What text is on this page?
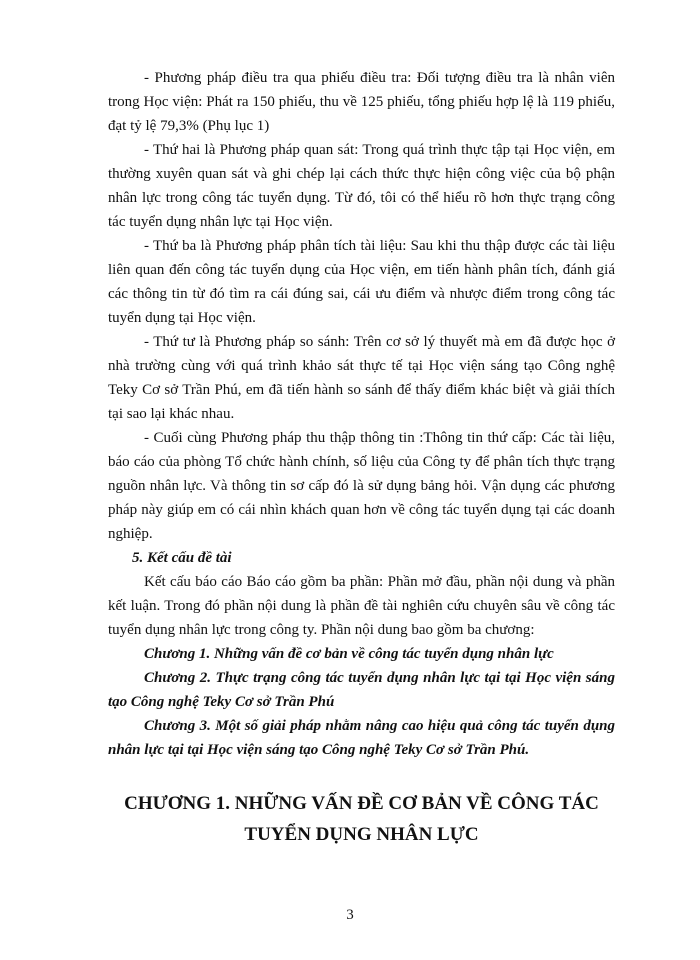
- Phương pháp điều tra qua phiếu điều tra: Đối tượng điều tra là nhân viên trong Học viện: Phát ra 150 phiếu, thu về 125 phiếu, tổng phiếu hợp lệ là 119 phiếu, đạt tỷ lệ 79,3% (Phụ lục 1)

- Thứ hai là Phương pháp quan sát: Trong quá trình thực tập tại Học viện, em thường xuyên quan sát và ghi chép lại cách thức thực hiện công việc của bộ phận nhân lực trong công tác tuyển dụng. Từ đó, tôi có thể hiểu rõ hơn thực trạng công tác tuyển dụng nhân lực tại Học viện.

- Thứ ba là Phương pháp phân tích tài liệu: Sau khi thu thập được các tài liệu liên quan đến công tác tuyển dụng của Học viện, em tiến hành phân tích, đánh giá các thông tin từ đó tìm ra cái đúng sai, cái ưu điểm và nhược điểm trong công tác tuyển dụng tại Học viện.

- Thứ tư là Phương pháp so sánh: Trên cơ sở lý thuyết mà em đã được học ở nhà trường cùng với quá trình khảo sát thực tế tại Học viện sáng tạo Công nghệ Teky Cơ sở Trần Phú, em đã tiến hành so sánh để thấy điểm khác biệt và giải thích tại sao lại khác nhau.

- Cuối cùng Phương pháp thu thập thông tin :Thông tin thứ cấp: Các tài liệu, báo cáo của phòng Tổ chức hành chính, số liệu của Công ty để phân tích thực trạng nguồn nhân lực. Và thông tin sơ cấp đó là sử dụng bảng hỏi. Vận dụng các phương pháp này giúp em có cái nhìn khách quan hơn về công tác tuyển dụng tại các doanh nghiệp.

5. Kết cấu đề tài

Kết cấu báo cáo Báo cáo gồm ba phần: Phần mở đầu, phần nội dung và phần kết luận. Trong đó phần nội dung là phần đề tài nghiên cứu chuyên sâu về công tác tuyển dụng nhân lực trong công ty. Phần nội dung bao gồm ba chương:

Chương 1. Những vấn đề cơ bản về công tác tuyển dụng nhân lực

Chương 2. Thực trạng công tác tuyển dụng nhân lực tại tại Học viện sáng tạo Công nghệ Teky Cơ sở Trần Phú

Chương 3. Một số giải pháp nhằm nâng cao hiệu quả công tác tuyển dụng nhân lực tại tại Học viện sáng tạo Công nghệ Teky Cơ sở Trần Phú.

CHƯƠNG 1. NHỮNG VẤN ĐỀ CƠ BẢN VỀ CÔNG TÁC
TUYỂN DỤNG NHÂN LỰC
3
